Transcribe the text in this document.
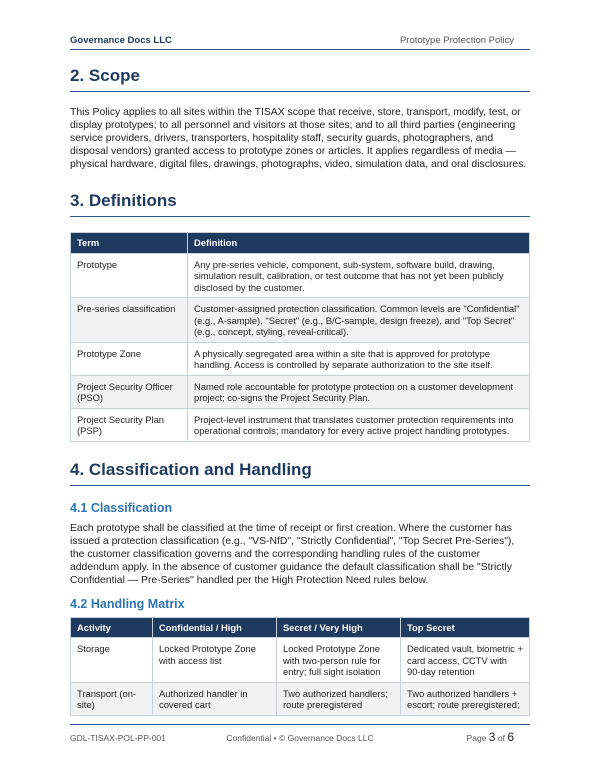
Governance Docs LLC	Prototype Protection Policy
2. Scope

This Policy applies to all sites within the TISAX scope that receive, store, transport, modify, test, or display prototypes; to all personnel and visitors at those sites; and to all third parties (engineering service providers, drivers, transporters, hospitality staff, security guards, photographers, and disposal vendors) granted access to prototype zones or articles. It applies regardless of media — physical hardware, digital files, drawings, photographs, video, simulation data, and oral disclosures.

3. Definitions
Term	Definition
Prototype	Any pre-series vehicle, component, sub-system, software build, drawing, simulation result, calibration, or test outcome that has not yet been publicly disclosed by the customer.
Pre-series classification	Customer-assigned protection classification. Common levels are "Confidential" (e.g., A-sample), "Secret" (e.g., B/C-sample, design freeze), and "Top Secret" (e.g., concept, styling, reveal-critical).
Prototype Zone	A physically segregated area within a site that is approved for prototype handling. Access is controlled by separate authorization to the site itself.
Project Security Officer (PSO)	Named role accountable for prototype protection on a customer development project; co-signs the Project Security Plan.
Project Security Plan (PSP)	Project-level instrument that translates customer protection requirements into operational controls; mandatory for every active project handling prototypes.
4. Classification and Handling
4.1 Classification

Each prototype shall be classified at the time of receipt or first creation. Where the customer has issued a protection classification (e.g., "VS-NfD", "Strictly Confidential", "Top Secret Pre-Series"), the customer classification governs and the corresponding handling rules of the customer addendum apply. In the absence of customer guidance the default classification shall be "Strictly Confidential — Pre-Series" handled per the High Protection Need rules below.

4.2 Handling Matrix
Activity	Confidential / High	Secret / Very High	Top Secret
Storage	Locked Prototype Zone with access list	Locked Prototype Zone with two-person rule for entry; full sight isolation	Dedicated vault, biometric + card access, CCTV with 90-day retention
Transport (on-site)	Authorized handler in covered cart	Two authorized handlers; route preregistered	Two authorized handlers + escort; route preregistered;
GDL-TISAX-POL-PP-001	Confidential • © Governance Docs LLC	Page 3 of 6
